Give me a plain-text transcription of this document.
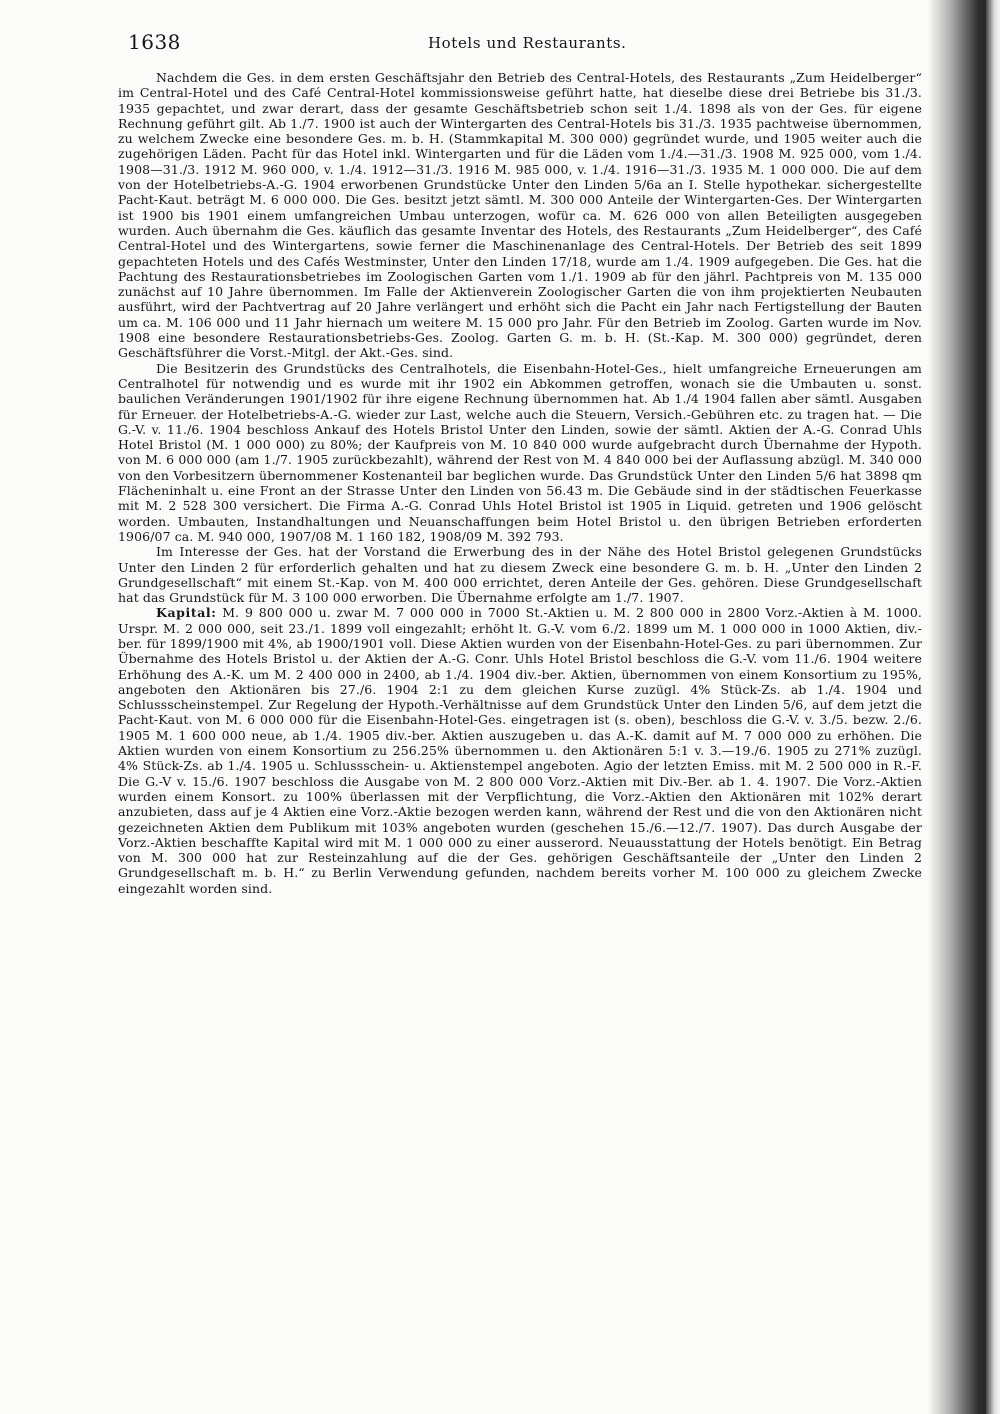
1638	Hotels und Restaurants.

Nachdem die Ges. in dem ersten Geschäftsjahr den Betrieb des Central-Hotels, des Restaurants „Zum Heidelberger“ im Central-Hotel und des Café Central-Hotel kommissionsweise geführt hatte, hat dieselbe diese drei Betriebe bis 31./3. 1935 gepachtet, und zwar derart, dass der gesamte Geschäftsbetrieb schon seit 1./4. 1898 als von der Ges. für eigene Rechnung geführt gilt. Ab 1./7. 1900 ist auch der Wintergarten des Central-Hotels bis 31./3. 1935 pachtweise übernommen, zu welchem Zwecke eine besondere Ges. m. b. H. (Stammkapital M. 300 000) gegründet wurde, und 1905 weiter auch die zugehörigen Läden. Pacht für das Hotel inkl. Wintergarten und für die Läden vom 1./4.—31./3. 1908 M. 925 000, vom 1./4. 1908—31./3. 1912 M. 960 000, v. 1./4. 1912—31./3. 1916 M. 985 000, v. 1./4. 1916—31./3. 1935 M. 1 000 000. Die auf dem von der Hotelbetriebs-A.-G. 1904 erworbenen Grundstücke Unter den Linden 5/6a an I. Stelle hypothekar. sichergestellte Pacht-Kaut. beträgt M. 6 000 000. Die Ges. besitzt jetzt sämtl. M. 300 000 Anteile der Wintergarten-Ges. Der Wintergarten ist 1900 bis 1901 einem umfangreichen Umbau unterzogen, wofür ca. M. 626 000 von allen Beteiligten ausgegeben wurden. Auch übernahm die Ges. käuflich das gesamte Inventar des Hotels, des Restaurants „Zum Heidelberger“, des Café Central-Hotel und des Wintergartens, sowie ferner die Maschinenanlage des Central-Hotels. Der Betrieb des seit 1899 gepachteten Hotels und des Cafés Westminster, Unter den Linden 17/18, wurde am 1./4. 1909 aufgegeben. Die Ges. hat die Pachtung des Restaurationsbetriebes im Zoologischen Garten vom 1./1. 1909 ab für den jährl. Pachtpreis von M. 135 000 zunächst auf 10 Jahre übernommen. Im Falle der Aktienverein Zoologischer Garten die von ihm projektierten Neubauten ausführt, wird der Pachtvertrag auf 20 Jahre verlängert und erhöht sich die Pacht ein Jahr nach Fertigstellung der Bauten um ca. M. 106 000 und 11 Jahr hiernach um weitere M. 15 000 pro Jahr. Für den Betrieb im Zoolog. Garten wurde im Nov. 1908 eine besondere Restaurationsbetriebs-Ges. Zoolog. Garten G. m. b. H. (St.-Kap. M. 300 000) gegründet, deren Geschäftsführer die Vorst.-Mitgl. der Akt.-Ges. sind.

Die Besitzerin des Grundstücks des Centralhotels, die Eisenbahn-Hotel-Ges., hielt umfangreiche Erneuerungen am Centralhotel für notwendig und es wurde mit ihr 1902 ein Abkommen getroffen, wonach sie die Umbauten u. sonst. baulichen Veränderungen 1901/1902 für ihre eigene Rechnung übernommen hat. Ab 1./4 1904 fallen aber sämtl. Ausgaben für Erneuer. der Hotelbetriebs-A.-G. wieder zur Last, welche auch die Steuern, Versich.-Gebühren etc. zu tragen hat. — Die G.-V. v. 11./6. 1904 beschloss Ankauf des Hotels Bristol Unter den Linden, sowie der sämtl. Aktien der A.-G. Conrad Uhls Hotel Bristol (M. 1 000 000) zu 80%; der Kaufpreis von M. 10 840 000 wurde aufgebracht durch Übernahme der Hypoth. von M. 6 000 000 (am 1./7. 1905 zurückbezahlt), während der Rest von M. 4 840 000 bei der Auflassung abzügl. M. 340 000 von den Vorbesitzern übernommener Kostenanteil bar beglichen wurde. Das Grundstück Unter den Linden 5/6 hat 3898 qm Flächeninhalt u. eine Front an der Strasse Unter den Linden von 56.43 m. Die Gebäude sind in der städtischen Feuerkasse mit M. 2 528 300 versichert. Die Firma A.-G. Conrad Uhls Hotel Bristol ist 1905 in Liquid. getreten und 1906 gelöscht worden. Umbauten, Instandhaltungen und Neuanschaffungen beim Hotel Bristol u. den übrigen Betrieben erforderten 1906/07 ca. M. 940 000, 1907/08 M. 1 160 182, 1908/09 M. 392 793.

Im Interesse der Ges. hat der Vorstand die Erwerbung des in der Nähe des Hotel Bristol gelegenen Grundstücks Unter den Linden 2 für erforderlich gehalten und hat zu diesem Zweck eine besondere G. m. b. H. „Unter den Linden 2 Grundgesellschaft“ mit einem St.-Kap. von M. 400 000 errichtet, deren Anteile der Ges. gehören. Diese Grundgesellschaft hat das Grundstück für M. 3 100 000 erworben. Die Übernahme erfolgte am 1./7. 1907.

Kapital: M. 9 800 000 u. zwar M. 7 000 000 in 7000 St.-Aktien u. M. 2 800 000 in 2800 Vorz.-Aktien à M. 1000. Urspr. M. 2 000 000, seit 23./1. 1899 voll eingezahlt; erhöht lt. G.-V. vom 6./2. 1899 um M. 1 000 000 in 1000 Aktien, div.-ber. für 1899/1900 mit 4%, ab 1900/1901 voll. Diese Aktien wurden von der Eisenbahn-Hotel-Ges. zu pari übernommen. Zur Übernahme des Hotels Bristol u. der Aktien der A.-G. Conr. Uhls Hotel Bristol beschloss die G.-V. vom 11./6. 1904 weitere Erhöhung des A.-K. um M. 2 400 000 in 2400, ab 1./4. 1904 div.-ber. Aktien, übernommen von einem Konsortium zu 195%, angeboten den Aktionären bis 27./6. 1904 2:1 zu dem gleichen Kurse zuzügl. 4% Stück-Zs. ab 1./4. 1904 und Schlussscheinstempel. Zur Regelung der Hypoth.-Verhältnisse auf dem Grundstück Unter den Linden 5/6, auf dem jetzt die Pacht-Kaut. von M. 6 000 000 für die Eisenbahn-Hotel-Ges. eingetragen ist (s. oben), beschloss die G.-V. v. 3./5. bezw. 2./6. 1905 M. 1 600 000 neue, ab 1./4. 1905 div.-ber. Aktien auszugeben u. das A.-K. damit auf M. 7 000 000 zu erhöhen. Die Aktien wurden von einem Konsortium zu 256.25% übernommen u. den Aktionären 5:1 v. 3.—19./6. 1905 zu 271% zuzügl. 4% Stück-Zs. ab 1./4. 1905 u. Schlussschein- u. Aktienstempel angeboten. Agio der letzten Emiss. mit M. 2 500 000 in R.-F. Die G.-V v. 15./6. 1907 beschloss die Ausgabe von M. 2 800 000 Vorz.-Aktien mit Div.-Ber. ab 1. 4. 1907. Die Vorz.-Aktien wurden einem Konsort. zu 100% überlassen mit der Verpflichtung, die Vorz.-Aktien den Aktionären mit 102% derart anzubieten, dass auf je 4 Aktien eine Vorz.-Aktie bezogen werden kann, während der Rest und die von den Aktionären nicht gezeichneten Aktien dem Publikum mit 103% angeboten wurden (geschehen 15./6.—12./7. 1907). Das durch Ausgabe der Vorz.-Aktien beschaffte Kapital wird mit M. 1 000 000 zu einer ausserord. Neuausstattung der Hotels benötigt. Ein Betrag von M. 300 000 hat zur Resteinzahlung auf die der Ges. gehörigen Geschäftsanteile der „Unter den Linden 2 Grundgesellschaft m. b. H.“ zu Berlin Verwendung gefunden, nachdem bereits vorher M. 100 000 zu gleichem Zwecke eingezahlt worden sind.
